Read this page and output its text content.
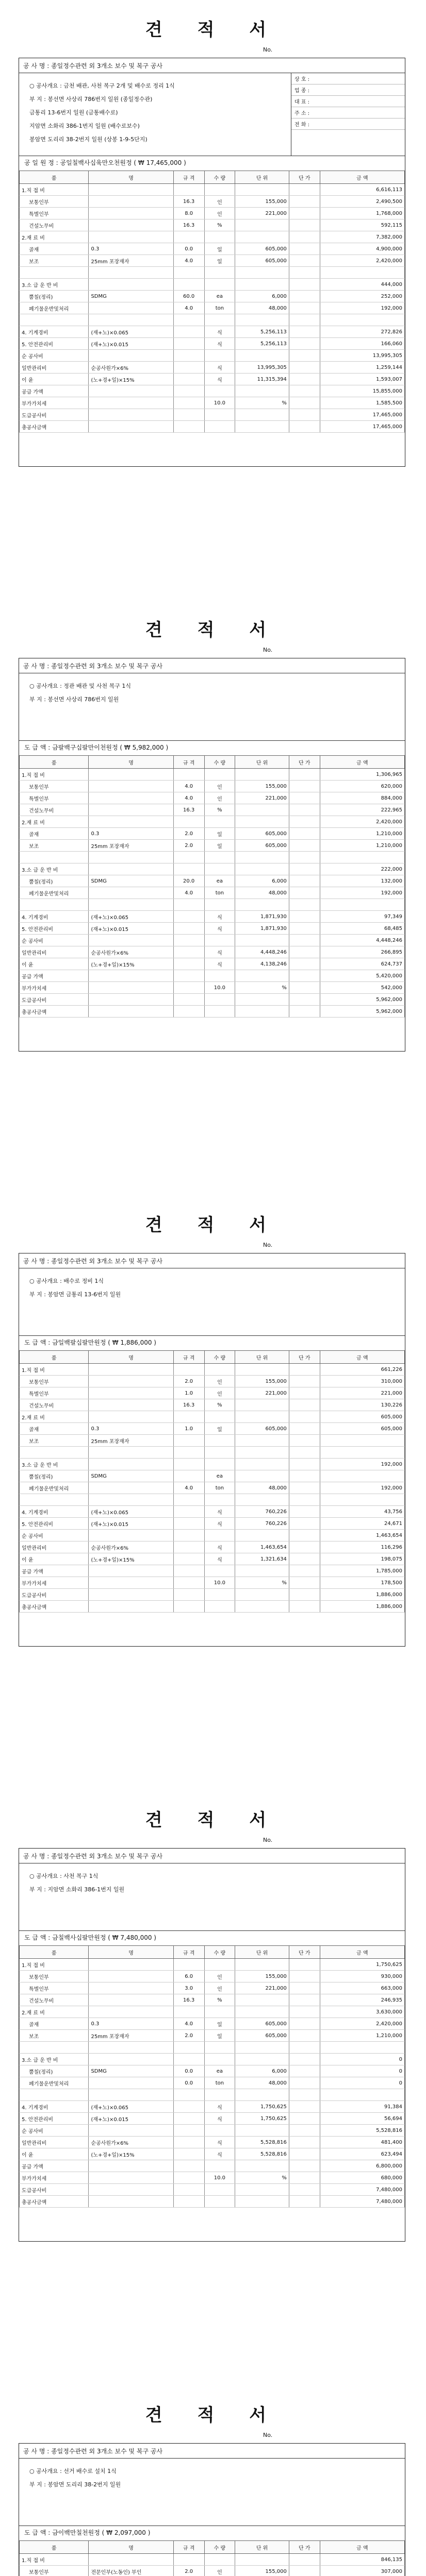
견 적 서
No.
공 사 명 : 종일정수관련 외 3개소 보수 및 복구 공사
○ 공사개요 : 금천 배관, 사천 복구 2개 및 배수로 정리 1식
부 지 : 봉선면 사상리 786번지 일원 (종일정수관)
금통리 13-6번지 일원 (금통배수로)
지암면 소화리 386-1번지 일원 (배수로보수)
봉암면 도리리 38-2번지 일원 (상봉 1-9-5단지)
상 호 :
업 종 :
대 표 :
주 소 :
전 화 :
공 일 원 정 : 공일칠백사십육만오천원정 ( ₩ 17,465,000 )
품	명	규 격	수 량	단 위	단 가	금 액
1.직 접 비						6,616,113
보통인부		16.3	인	155,000		2,490,500
특별인부		8.0	인	221,000		1,768,000
건설노무비		16.3	%			592,115
2.재 료 비						7,382,000
골재	0.3	0.0	일	605,000		4,900,000
보조	25mm 포장재자	4.0	일	605,000		2,420,000

3.소 급 운 반 비						444,000
뿜칠(정리)	SDMG	60.0	ea	6,000		252,000
폐기물운반및처리		4.0	ton	48,000		192,000

4. 기계경비	(재+노)×0.065		식	5,256,113		272,826
5. 안전관리비	(재+노)×0.015		식	5,256,113		166,060
순 공사비						13,995,305
일반관리비	순공사원가×6%		식	13,995,305		1,259,144
이 윤	(노+경+일)×15%		식	11,315,394		1,593,007
공급 가액						15,855,000
부가가치세			10.0	%		1,585,500
도급공사비						17,465,000
총공사금액						17,465,000
견 적 서
No.
공 사 명 : 종일정수관련 외 3개소 보수 및 복구 공사
○ 공사개요 : 정관 배관 및 사천 복구 1식
부 지 : 봉선면 사상리 786번지 일원
도 급 액 : 금팔백구십팔만이천원정 ( ₩ 5,982,000 )
품	명	규 격	수 량	단 위	단 가	금 액
1.직 접 비						1,306,965
보통인부		4.0	인	155,000		620,000
특별인부		4.0	인	221,000		884,000
건설노무비		16.3	%			222,965
2.재 료 비						2,420,000
골재	0.3	2.0	일	605,000		1,210,000
보조	25mm 포장재자	2.0	일	605,000		1,210,000

3.소 급 운 반 비						222,000
뿜칠(정리)	SDMG	20.0	ea	6,000		132,000
폐기물운반및처리		4.0	ton	48,000		192,000

4. 기계경비	(재+노)×0.065		식	1,871,930		97,349
5. 안전관리비	(재+노)×0.015		식	1,871,930		68,485
순 공사비						4,448,246
일반관리비	순공사원가×6%		식	4,448,246		266,895
이 윤	(노+경+일)×15%		식	4,138,246		624,737
공급 가액						5,420,000
부가가치세			10.0	%		542,000
도급공사비						5,962,000
총공사금액						5,962,000
견 적 서
No.
공 사 명 : 종일정수관련 외 3개소 보수 및 복구 공사
○ 공사개요 : 배수로 정비 1식
부 지 : 봉암면 금통리 13-6번지 일원
도 급 액 : 금일백팔십팔만원정 ( ₩ 1,886,000 )
품	명	규 격	수 량	단 위	단 가	금 액
1.직 접 비						661,226
보통인부		2.0	인	155,000		310,000
특별인부		1.0	인	221,000		221,000
건설노무비		16.3	%			130,226
2.재 료 비						605,000
골재	0.3	1.0	일	605,000		605,000
보조	25mm 포장재자					

3.소 급 운 반 비						192,000
뿜칠(정리)	SDMG		ea			
폐기물운반및처리		4.0	ton	48,000		192,000

4. 기계경비	(재+노)×0.065		식	760,226		43,756
5. 안전관리비	(재+노)×0.015		식	760,226		24,671
순 공사비						1,463,654
일반관리비	순공사원가×6%		식	1,463,654		116,296
이 윤	(노+경+일)×15%		식	1,321,634		198,075
공급 가액						1,785,000
부가가치세			10.0	%		178,500
도급공사비						1,886,000
총공사금액						1,886,000
견 적 서
No.
공 사 명 : 종일정수관련 외 3개소 보수 및 복구 공사
○ 공사개요 : 사천 복구 1식
부 지 : 지암면 소화리 386-1번지 일원
도 급 액 : 금칠백사십팔만원정 ( ₩ 7,480,000 )
품	명	규 격	수 량	단 위	단 가	금 액
1.직 접 비						1,750,625
보통인부		6.0	인	155,000		930,000
특별인부		3.0	인	221,000		663,000
건설노무비		16.3	%			246,935
2.재 료 비						3,630,000
골재	0.3	4.0	일	605,000		2,420,000
보조	25mm 포장재자	2.0	일	605,000		1,210,000

3.소 급 운 반 비						0
뿜칠(정리)	SDMG	0.0	ea	6,000		0
폐기물운반및처리		0.0	ton	48,000		0

4. 기계경비	(재+노)×0.065		식	1,750,625		91,384
5. 안전관리비	(재+노)×0.015		식	1,750,625		56,694
순 공사비						5,528,816
일반관리비	순공사원가×6%		식	5,528,816		481,400
이 윤	(노+경+일)×15%		식	5,528,816		623,494
공급 가액						6,800,000
부가가치세			10.0	%		680,000
도급공사비						7,480,000
총공사금액						7,480,000
견 적 서
No.
공 사 명 : 종일정수관련 외 3개소 보수 및 복구 공사
○ 공사개요 : 선거 배수로 설치 1식
부 지 : 봉암면 도리리 38-2번지 일원
도 급 액 : 금이백만칠천원정 ( ₩ 2,097,000 )
품	명	규 격	수 량	단 위	단 가	금 액
1.직 접 비						846,135
보통인부	전문인부(노동인) 부인	2.0	인	155,000		307,000
